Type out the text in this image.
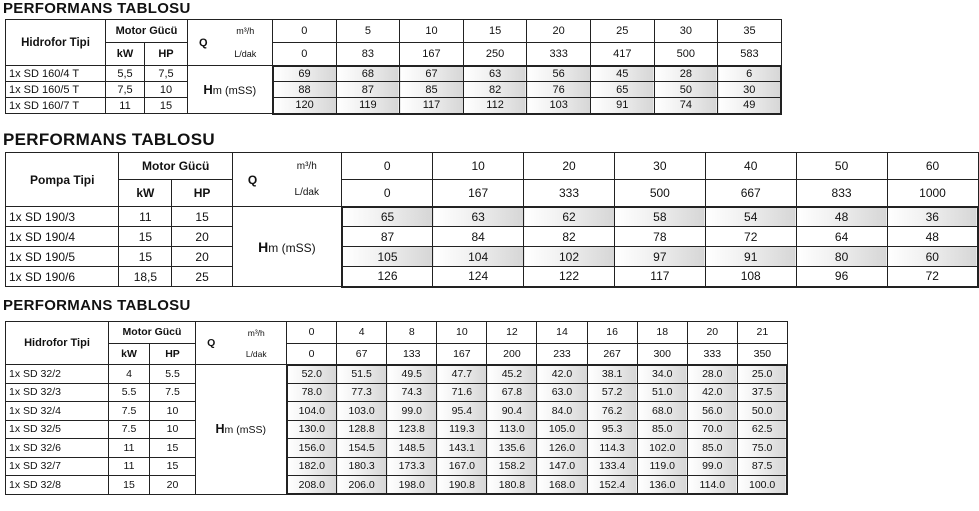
PERFORMANS TABLOSU
Hidrofor Tipi	Motor Gücü		Q	m³/h	0	5	10	15	20	25	30	35
	kW	HP		L/dak	0	83	167	250	333	417	500	583
1x SD 160/4 T	5,5	7,5	Hm (mSS)		69	68	67	63	56	45	28	6
1x SD 160/5 T	7,5	10			88	87	85	82	76	65	50	30
1x SD 160/7 T	11	15			120	119	117	112	103	91	74	49
PERFORMANS TABLOSU
Pompa Tipi	Motor Gücü		Q	m³/h	0	10	20	30	40	50	60
	kW	HP		L/dak	0	167	333	500	667	833	1000
1x SD 190/3	11	15	Hm (mSS)		65	63	62	58	54	48	36
1x SD 190/4	15	20			87	84	82	78	72	64	48
1x SD 190/5	15	20			105	104	102	97	91	80	60
1x SD 190/6	18,5	25			126	124	122	117	108	96	72
PERFORMANS TABLOSU
Hidrofor Tipi	Motor Gücü		Q	m³/h	0	4	8	10	12	14	16	18	20	21
	kW	HP		L/dak	0	67	133	167	200	233	267	300	333	350
1x SD 32/2	4	5.5	Hm (mSS)		52.0	51.5	49.5	47.7	45.2	42.0	38.1	34.0	28.0	25.0
1x SD 32/3	5.5	7.5			78.0	77.3	74.3	71.6	67.8	63.0	57.2	51.0	42.0	37.5
1x SD 32/4	7.5	10			104.0	103.0	99.0	95.4	90.4	84.0	76.2	68.0	56.0	50.0
1x SD 32/5	7.5	10			130.0	128.8	123.8	119.3	113.0	105.0	95.3	85.0	70.0	62.5
1x SD 32/6	11	15			156.0	154.5	148.5	143.1	135.6	126.0	114.3	102.0	85.0	75.0
1x SD 32/7	11	15			182.0	180.3	173.3	167.0	158.2	147.0	133.4	119.0	99.0	87.5
1x SD 32/8	15	20			208.0	206.0	198.0	190.8	180.8	168.0	152.4	136.0	114.0	100.0
